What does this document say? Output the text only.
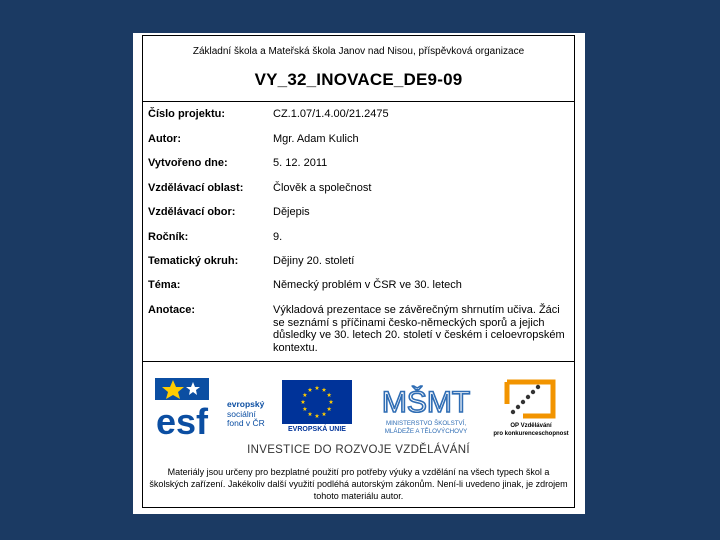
Základní škola a Mateřská škola Janov nad Nisou, příspěvková organizace
VY_32_INOVACE_DE9-09
Číslo projektu:	CZ.1.07/1.4.00/21.2475
Autor:	Mgr. Adam Kulich
Vytvořeno dne:	5. 12. 2011
Vzdělávací oblast:	Člověk a společnost
Vzdělávací obor:	Dějepis
Ročník:	9.
Tematický okruh:	Dějiny 20. století
Téma:	Německý problém v ČSR ve 30. letech
Anotace:	Výkladová prezentace se závěrečným shrnutím učiva. Žáci se seznámí s příčinami česko-německých sporů a jejich důsledky ve 30. letech 20. století v českém i celoevropském kontextu.
esf evropský
sociální
fond v ČR
EVROPSKÁ UNIE
MŠMT
MINISTERSTVO ŠKOLSTVÍ,
MLÁDEŽE A TĚLOVÝCHOVY
OP Vzdělávání
pro konkurenceschopnost
INVESTICE DO ROZVOJE VZDĚLÁVÁNÍ
Materiály jsou určeny pro bezplatné použití pro potřeby výuky a vzdělání na všech typech škol a školských zařízení. Jakékoliv další využití podléhá autorským zákonům. Není-li uvedeno jinak, je zdrojem tohoto materiálu autor.
